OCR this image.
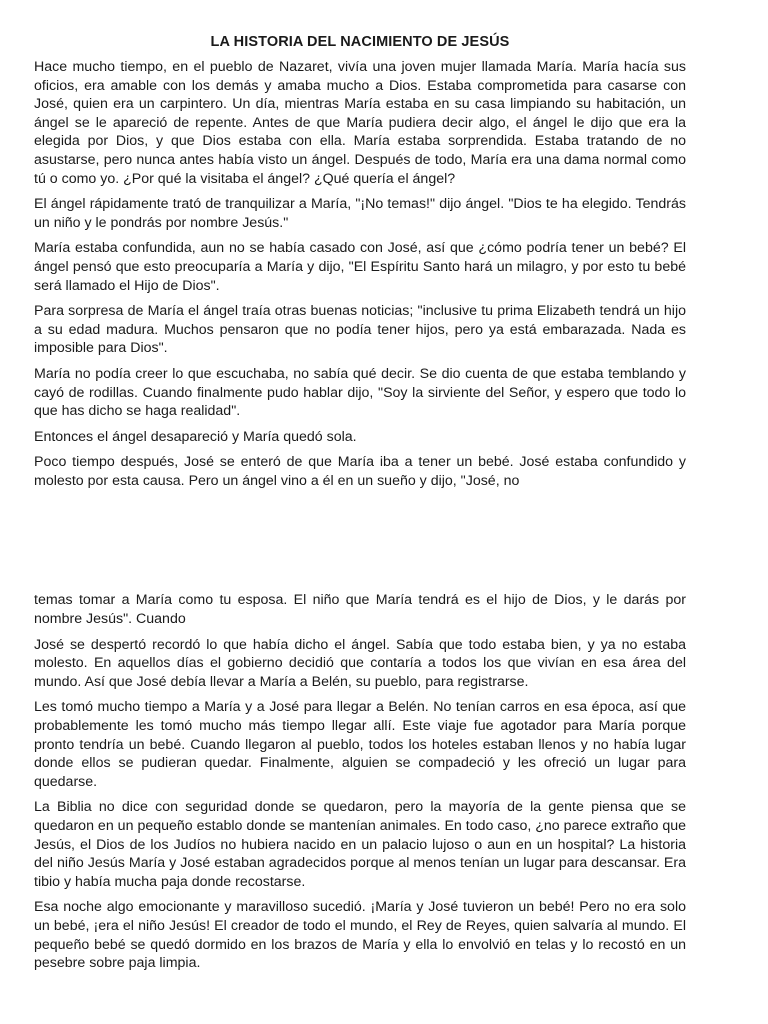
LA HISTORIA DEL NACIMIENTO DE JESÚS

Hace mucho tiempo, en el pueblo de Nazaret, vivía una joven mujer llamada María. María hacía sus oficios, era amable con los demás y amaba mucho a Dios. Estaba comprometida para casarse con José, quien era un carpintero. Un día, mientras María estaba en su casa limpiando su habitación, un ángel se le apareció de repente. Antes de que María pudiera decir algo, el ángel le dijo que era la elegida por Dios, y que Dios estaba con ella. María estaba sorprendida. Estaba tratando de no asustarse, pero nunca antes había visto un ángel. Después de todo, María era una dama normal como tú o como yo. ¿Por qué la visitaba el ángel? ¿Qué quería el ángel?

El ángel rápidamente trató de tranquilizar a María, "¡No temas!" dijo ángel. "Dios te ha elegido. Tendrás un niño y le pondrás por nombre Jesús."

María estaba confundida, aun no se había casado con José, así que ¿cómo podría tener un bebé? El ángel pensó que esto preocuparía a María y dijo, "El Espíritu Santo hará un milagro, y por esto tu bebé será llamado el Hijo de Dios".

Para sorpresa de María el ángel traía otras buenas noticias; "inclusive tu prima Elizabeth tendrá un hijo a su edad madura. Muchos pensaron que no podía tener hijos, pero ya está embarazada. Nada es imposible para Dios".

María no podía creer lo que escuchaba, no sabía qué decir. Se dio cuenta de que estaba temblando y cayó de rodillas. Cuando finalmente pudo hablar dijo, "Soy la sirviente del Señor, y espero que todo lo que has dicho se haga realidad".

Entonces el ángel desapareció y María quedó sola.

Poco tiempo después, José se enteró de que María iba a tener un bebé. José estaba confundido y molesto por esta causa. Pero un ángel vino a él en un sueño y dijo, "José, no

temas tomar a María como tu esposa. El niño que María tendrá es el hijo de Dios, y le darás por nombre Jesús". Cuando

José se despertó recordó lo que había dicho el ángel. Sabía que todo estaba bien, y ya no estaba molesto. En aquellos días el gobierno decidió que contaría a todos los que vivían en esa área del mundo. Así que José debía llevar a María a Belén, su pueblo, para registrarse.

Les tomó mucho tiempo a María y a José para llegar a Belén. No tenían carros en esa época, así que probablemente les tomó mucho más tiempo llegar allí. Este viaje fue agotador para María porque pronto tendría un bebé. Cuando llegaron al pueblo, todos los hoteles estaban llenos y no había lugar donde ellos se pudieran quedar. Finalmente, alguien se compadeció y les ofreció un lugar para quedarse.

La Biblia no dice con seguridad donde se quedaron, pero la mayoría de la gente piensa que se quedaron en un pequeño establo donde se mantenían animales. En todo caso, ¿no parece extraño que Jesús, el Dios de los Judíos no hubiera nacido en un palacio lujoso o aun en un hospital? La historia del niño Jesús María y José estaban agradecidos porque al menos tenían un lugar para descansar. Era tibio y había mucha paja donde recostarse.

Esa noche algo emocionante y maravilloso sucedió. ¡María y José tuvieron un bebé! Pero no era solo un bebé, ¡era el niño Jesús! El creador de todo el mundo, el Rey de Reyes, quien salvaría al mundo. El pequeño bebé se quedó dormido en los brazos de María y ella lo envolvió en telas y lo recostó en un pesebre sobre paja limpia.
